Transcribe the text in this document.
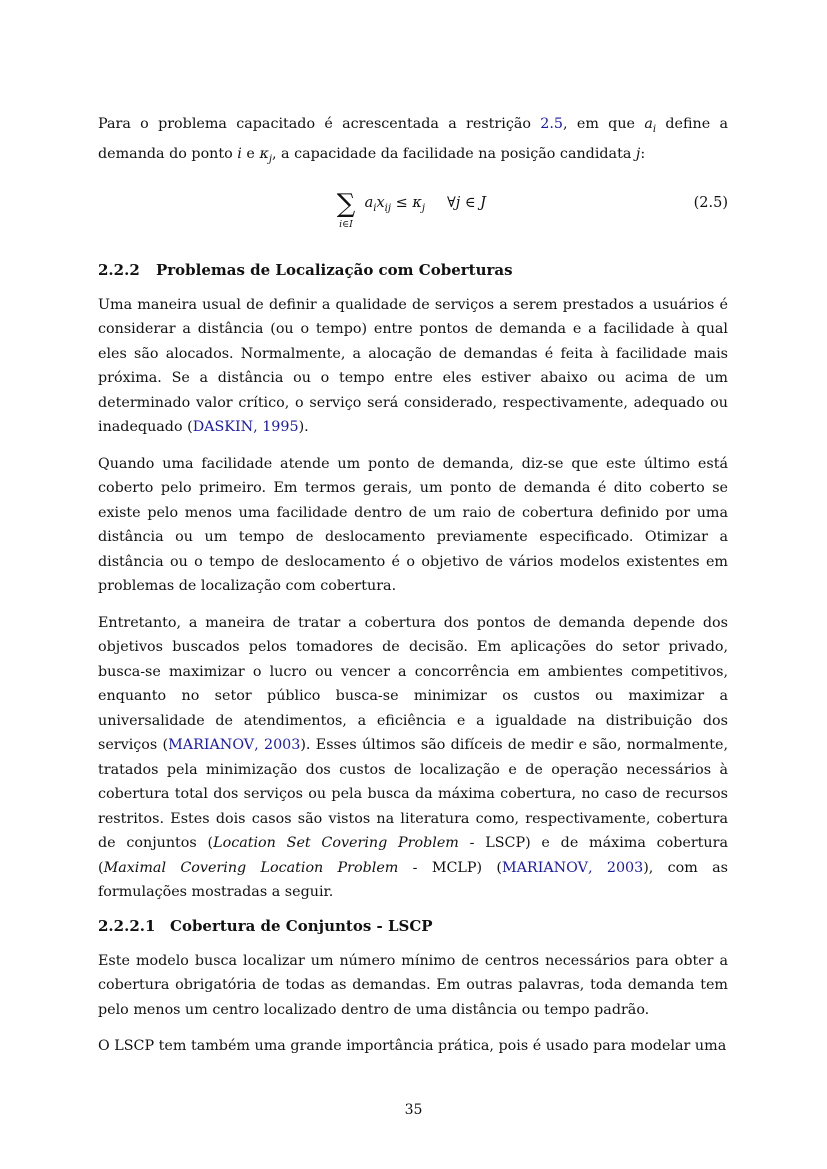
Para o problema capacitado é acrescentada a restrição 2.5, em que $a_i$ define a demanda do ponto i e $\kappa_j$, a capacidade da facilidade na posição candidata j:

∑
i∈I
$a_ix_{ij} \le \kappa_j$ ∀j ∈ J	(2.5)
2.2.2 Problemas de Localização com Coberturas

Uma maneira usual de definir a qualidade de serviços a serem prestados a usuários é considerar a distância (ou o tempo) entre pontos de demanda e a facilidade à qual eles são alocados. Normalmente, a alocação de demandas é feita à facilidade mais próxima. Se a distância ou o tempo entre eles estiver abaixo ou acima de um determinado valor crítico, o serviço será considerado, respectivamente, adequado ou inadequado (DASKIN, 1995).

Quando uma facilidade atende um ponto de demanda, diz-se que este último está coberto pelo primeiro. Em termos gerais, um ponto de demanda é dito coberto se existe pelo menos uma facilidade dentro de um raio de cobertura definido por uma distância ou um tempo de deslocamento previamente especificado. Otimizar a distância ou o tempo de deslocamento é o objetivo de vários modelos existentes em problemas de localização com cobertura.

Entretanto, a maneira de tratar a cobertura dos pontos de demanda depende dos objetivos buscados pelos tomadores de decisão. Em aplicações do setor privado, busca-se maximizar o lucro ou vencer a concorrência em ambientes competitivos, enquanto no setor público busca-se minimizar os custos ou maximizar a universalidade de atendimentos, a eficiência e a igualdade na distribuição dos serviços (MARIANOV, 2003). Esses últimos são difíceis de medir e são, normalmente, tratados pela minimização dos custos de localização e de operação necessários à cobertura total dos serviços ou pela busca da máxima cobertura, no caso de recursos restritos. Estes dois casos são vistos na literatura como, respectivamente, cobertura de conjuntos (Location Set Covering Problem - LSCP) e de máxima cobertura (Maximal Covering Location Problem - MCLP) (MARIANOV, 2003), com as formulações mostradas a seguir.

2.2.2.1 Cobertura de Conjuntos - LSCP

Este modelo busca localizar um número mínimo de centros necessários para obter a cobertura obrigatória de todas as demandas. Em outras palavras, toda demanda tem pelo menos um centro localizado dentro de uma distância ou tempo padrão.

O LSCP tem também uma grande importância prática, pois é usado para modelar uma

35
